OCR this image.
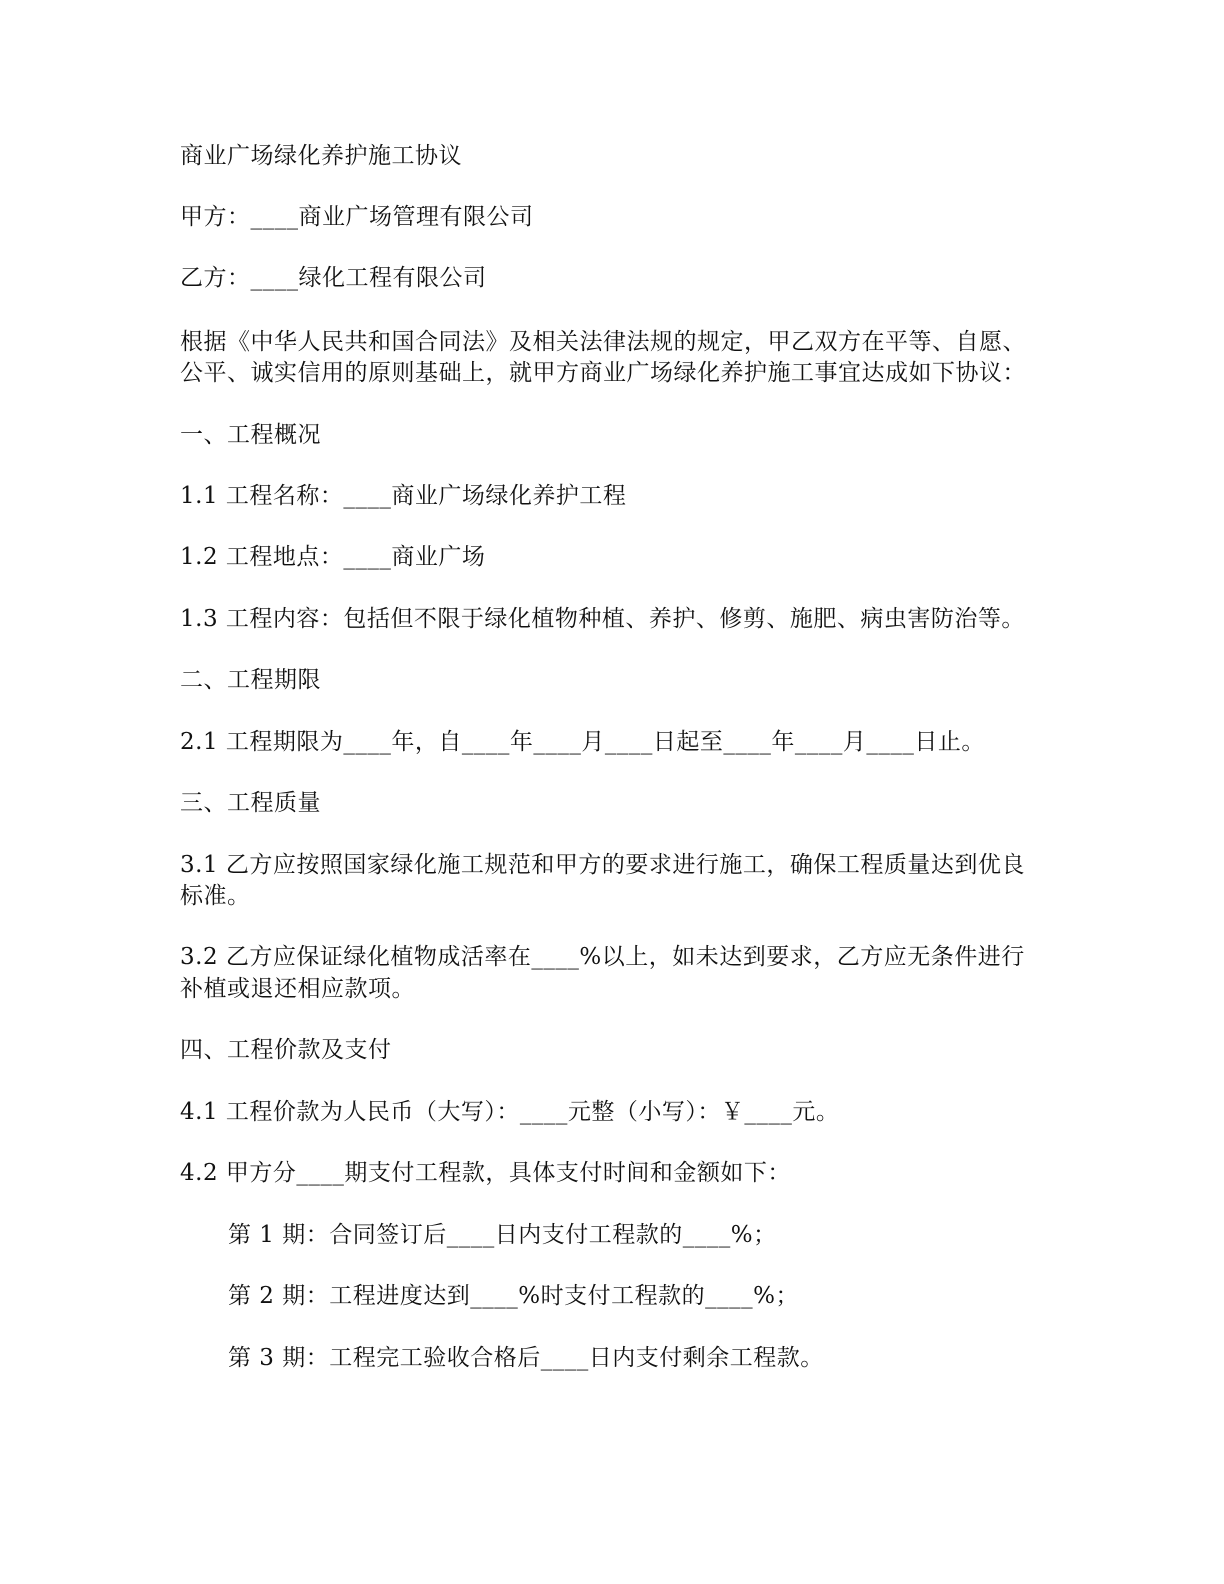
商业广场绿化养护施工协议
甲方：____商业广场管理有限公司
乙方：____绿化工程有限公司
根据《中华人民共和国合同法》及相关法律法规的规定，甲乙双方在平等、自愿、
公平、诚实信用的原则基础上，就甲方商业广场绿化养护施工事宜达成如下协议：
一、工程概况
1.1 工程名称：____商业广场绿化养护工程
1.2 工程地点：____商业广场
1.3 工程内容：包括但不限于绿化植物种植、养护、修剪、施肥、病虫害防治等。
二、工程期限
2.1 工程期限为____年，自____年____月____日起至____年____月____日止。
三、工程质量
3.1 乙方应按照国家绿化施工规范和甲方的要求进行施工，确保工程质量达到优良
标准。
3.2 乙方应保证绿化植物成活率在____%以上，如未达到要求，乙方应无条件进行
补植或退还相应款项。
四、工程价款及支付
4.1 工程价款为人民币（大写）：____元整（小写）：￥____元。
4.2 甲方分____期支付工程款，具体支付时间和金额如下：
第 1 期：合同签订后____日内支付工程款的____%；
第 2 期：工程进度达到____%时支付工程款的____%；
第 3 期：工程完工验收合格后____日内支付剩余工程款。
